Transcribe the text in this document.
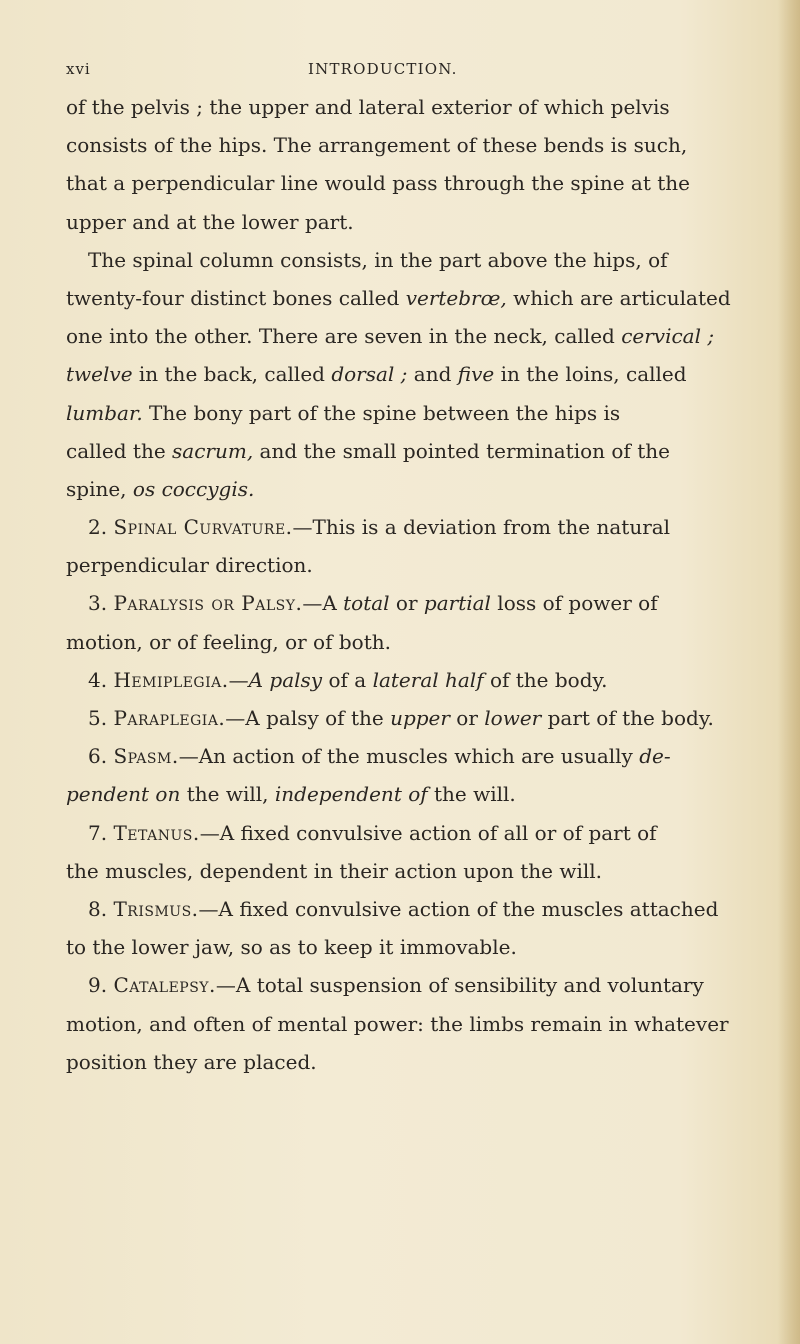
xvi	INTRODUCTION.
of the pelvis ; the upper and lateral exterior of which pelvis
consists of the hips. The arrangement of these bends is such,
that a perpendicular line would pass through the spine at the
upper and at the lower part.
The spinal column consists, in the part above the hips, of
twenty-four distinct bones called vertebrœ, which are articulated
one into the other. There are seven in the neck, called cervical ;
twelve in the back, called dorsal ; and five in the loins, called
lumbar. The bony part of the spine between the hips is
called the sacrum, and the small pointed termination of the
spine, os coccygis.
2. Spinal Curvature.—This is a deviation from the natural
perpendicular direction.
3. Paralysis or Palsy.—A total or partial loss of power of
motion, or of feeling, or of both.
4. Hemiplegia.—A palsy of a lateral half of the body.
5. Paraplegia.—A palsy of the upper or lower part of the body.
6. Spasm.—An action of the muscles which are usually de-
pendent on the will, independent of the will.
7. Tetanus.—A fixed convulsive action of all or of part of
the muscles, dependent in their action upon the will.
8. Trismus.—A fixed convulsive action of the muscles attached
to the lower jaw, so as to keep it immovable.
9. Catalepsy.—A total suspension of sensibility and voluntary
motion, and often of mental power: the limbs remain in whatever
position they are placed.
